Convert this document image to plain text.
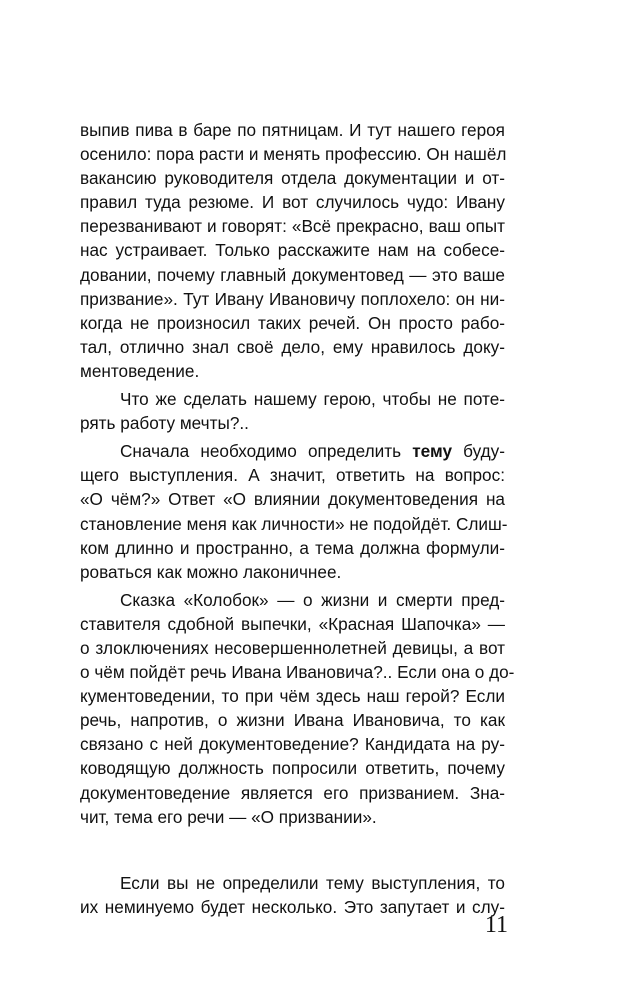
выпив пива в баре по пятницам. И тут нашего героя
осенило: пора расти и менять профессию. Он нашёл
вакансию руководителя отдела документации и от-
правил туда резюме. И вот случилось чудо: Ивану
перезванивают и говорят: «Всё прекрасно, ваш опыт
нас устраивает. Только расскажите нам на собесе-
довании, почему главный документовед — это ваше
призвание». Тут Ивану Ивановичу поплохело: он ни-
когда не произносил таких речей. Он просто рабо-
тал, отлично знал своё дело, ему нравилось доку-
ментоведение.
Что же сделать нашему герою, чтобы не поте-
рять работу мечты?..
Сначала необходимо определить тему буду-
щего выступления. А значит, ответить на вопрос:
«О чём?» Ответ «О влиянии документоведения на
становление меня как личности» не подойдёт. Слиш-
ком длинно и пространно, а тема должна формули-
роваться как можно лаконичнее.
Сказка «Колобок» — о жизни и смерти пред-
ставителя сдобной выпечки, «Красная Шапочка» —
о злоключениях несовершеннолетней девицы, а вот
о чём пойдёт речь Ивана Ивановича?.. Если она о до-
кументоведении, то при чём здесь наш герой? Если
речь, напротив, о жизни Ивана Ивановича, то как
связано с ней документоведение? Кандидата на ру-
ководящую должность попросили ответить, почему
документоведение является его призванием. Зна-
чит, тема его речи — «О призвании».
Если вы не определили тему выступления, то
их неминуемо будет несколько. Это запутает и слу-
11
